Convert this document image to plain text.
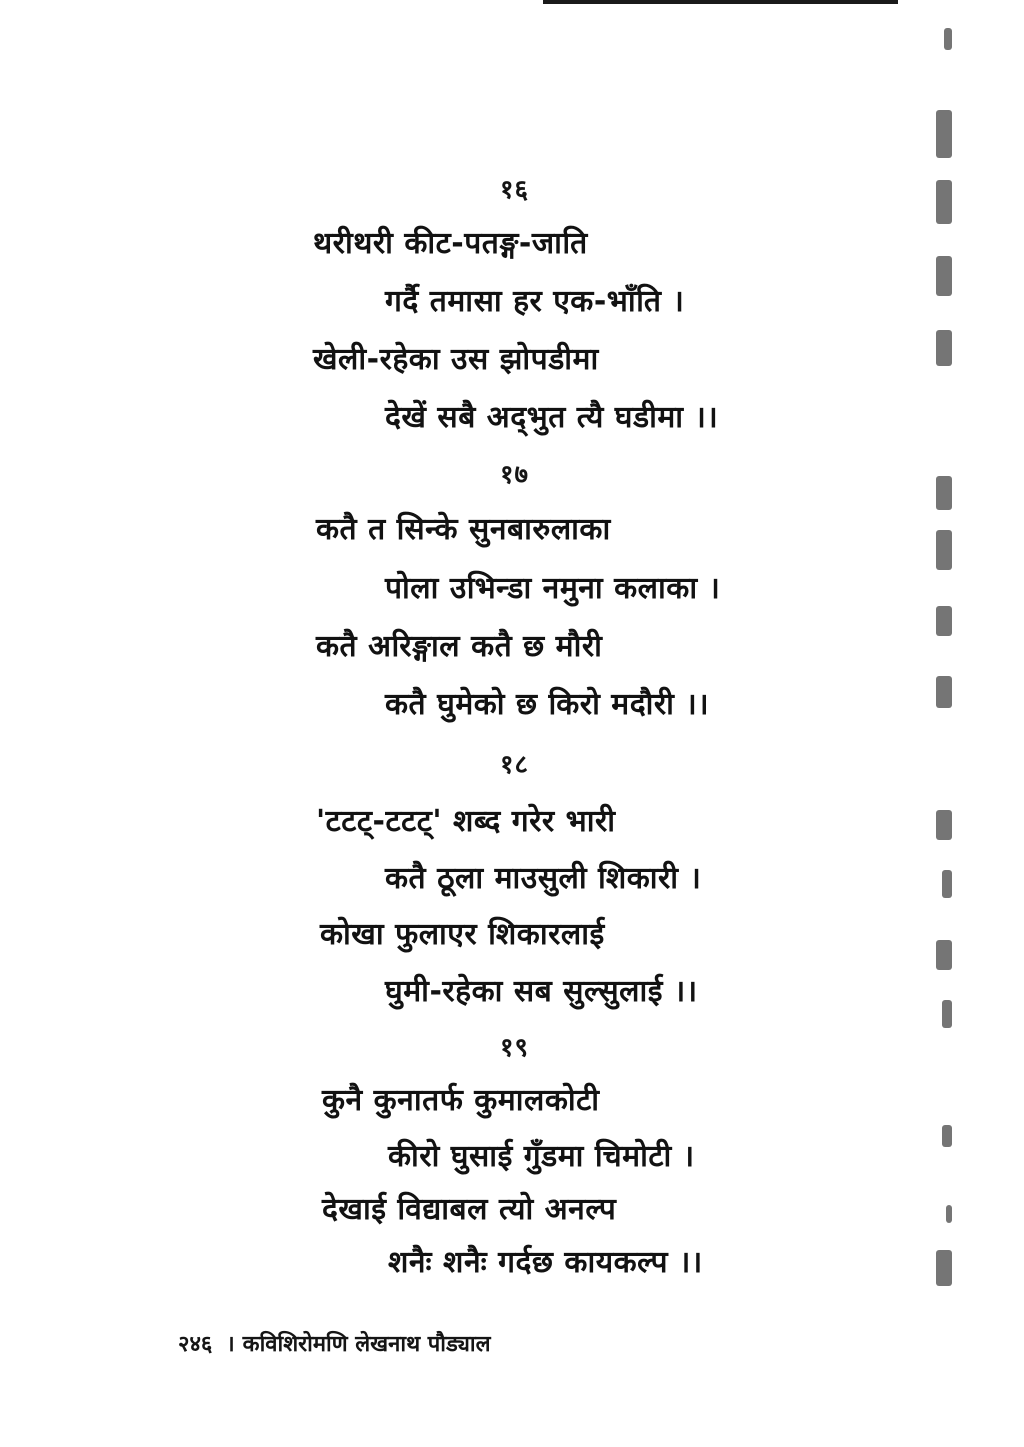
१६
थरीथरी कीट-पतङ्ग-जाति
गर्दै तमासा हर एक-भाँति ।
खेली-रहेका उस झोपडीमा
देखें सबै अद्‌भुत त्यै घडीमा ।।
१७
कतै त सिन्के सुनबारुलाका
पोला उभिन्डा नमुना कलाका ।
कतै अरिङ्गाल कतै छ मौरी
कतै घुमेको छ किरो मदौरी ।।
१८
'टटट्-टटट्' शब्द गरेर भारी
कतै ठूला माउसुली शिकारी ।
कोखा फुलाएर शिकारलाई
घुमी-रहेका सब सुल्सुलाई ।।
१९
कुनै कुनातर्फ कुमालकोटी
कीरो घुसाई गुँडमा चिमोटी ।
देखाई विद्याबल त्यो अनल्प
शनैः शनैः गर्दछ कायकल्प ।।
२४६ । कविशिरोमणि लेखनाथ पौड्याल
